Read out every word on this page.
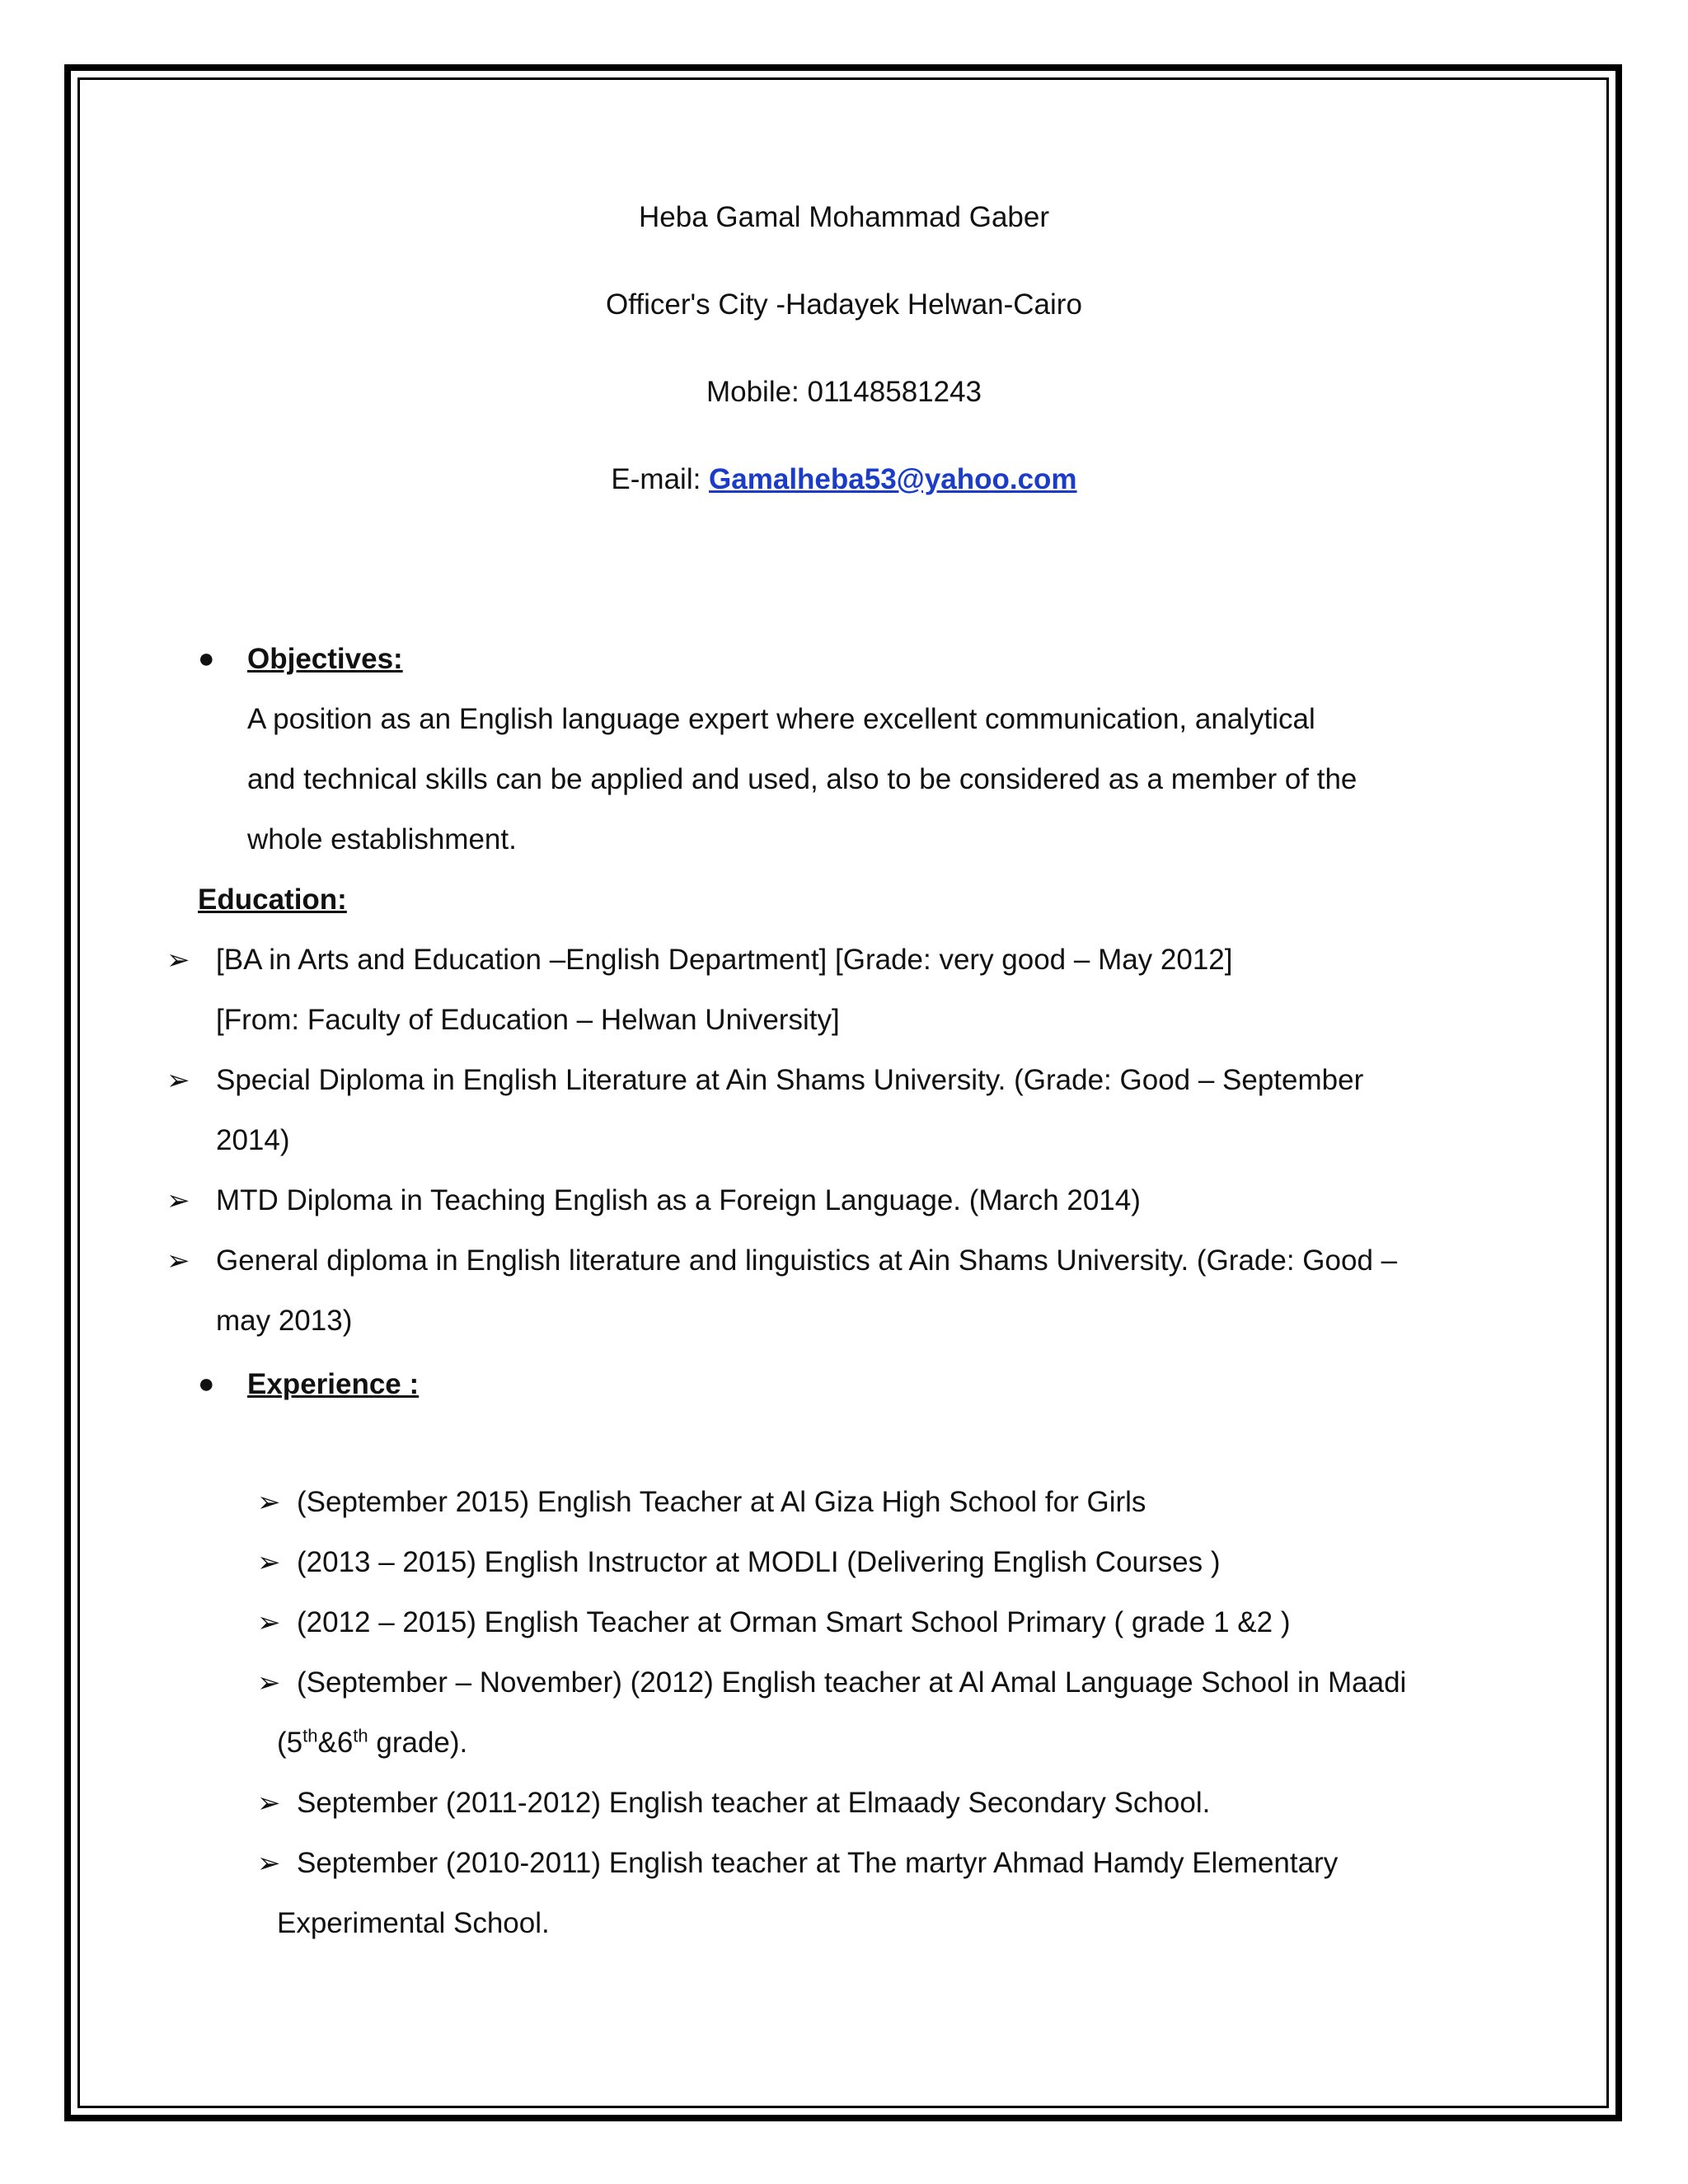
Heba Gamal Mohammad Gaber
Officer's City -Hadayek Helwan-Cairo
Mobile: 01148581243
E-mail: Gamalheba53@yahoo.com
● Objectives:
A position as an English language expert where excellent communication, analytical
and technical skills can be applied and used, also to be considered as a member of the
whole establishment.
Education:
➢ [BA in Arts and Education –English Department] [Grade: very good – May 2012]
[From: Faculty of Education – Helwan University]
➢ Special Diploma in English Literature at Ain Shams University. (Grade: Good – September
2014)
➢ MTD Diploma in Teaching English as a Foreign Language. (March 2014)
➢ General diploma in English literature and linguistics at Ain Shams University. (Grade: Good –
may 2013)
● Experience :
➢ (September 2015) English Teacher at Al Giza High School for Girls
➢ (2013 – 2015) English Instructor at MODLI (Delivering English Courses )
➢ (2012 – 2015) English Teacher at Orman Smart School Primary ( grade 1 &2 )
➢ (September – November) (2012) English teacher at Al Amal Language School in Maadi
(5th&6th grade).
➢ September (2011-2012) English teacher at Elmaady Secondary School.
➢ September (2010-2011) English teacher at The martyr Ahmad Hamdy Elementary
Experimental School.
